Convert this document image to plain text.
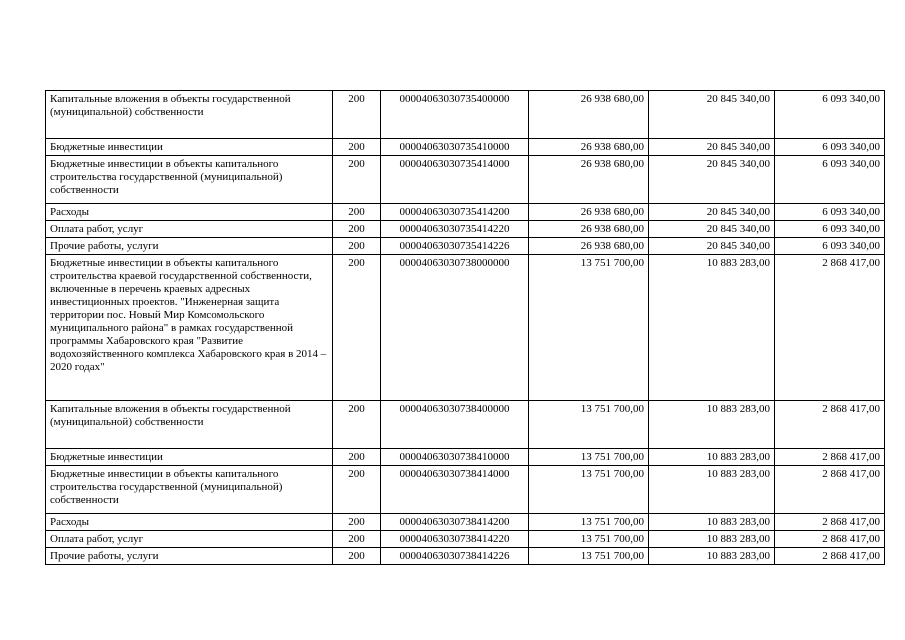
Капитальные вложения в объекты государственной (муниципальной) собственности	200	00004063030735400000	26 938 680,00	20 845 340,00	6 093 340,00
Бюджетные инвестиции	200	00004063030735410000	26 938 680,00	20 845 340,00	6 093 340,00
Бюджетные инвестиции в объекты капитального строительства государственной (муниципальной) собственности	200	00004063030735414000	26 938 680,00	20 845 340,00	6 093 340,00
Расходы	200	00004063030735414200	26 938 680,00	20 845 340,00	6 093 340,00
Оплата работ, услуг	200	00004063030735414220	26 938 680,00	20 845 340,00	6 093 340,00
Прочие работы, услуги	200	00004063030735414226	26 938 680,00	20 845 340,00	6 093 340,00
Бюджетные инвестиции в объекты капитального строительства краевой государственной собственности, включенные в перечень краевых адресных инвестиционных проектов. "Инженерная защита территории пос. Новый Мир Комсомольского муниципального района" в рамках государственной программы Хабаровского края "Развитие водохозяйственного комплекса Хабаровского края в 2014 – 2020 годах"	200	00004063030738000000	13 751 700,00	10 883 283,00	2 868 417,00
Капитальные вложения в объекты государственной (муниципальной) собственности	200	00004063030738400000	13 751 700,00	10 883 283,00	2 868 417,00
Бюджетные инвестиции	200	00004063030738410000	13 751 700,00	10 883 283,00	2 868 417,00
Бюджетные инвестиции в объекты капитального строительства государственной (муниципальной) собственности	200	00004063030738414000	13 751 700,00	10 883 283,00	2 868 417,00
Расходы	200	00004063030738414200	13 751 700,00	10 883 283,00	2 868 417,00
Оплата работ, услуг	200	00004063030738414220	13 751 700,00	10 883 283,00	2 868 417,00
Прочие работы, услуги	200	00004063030738414226	13 751 700,00	10 883 283,00	2 868 417,00
